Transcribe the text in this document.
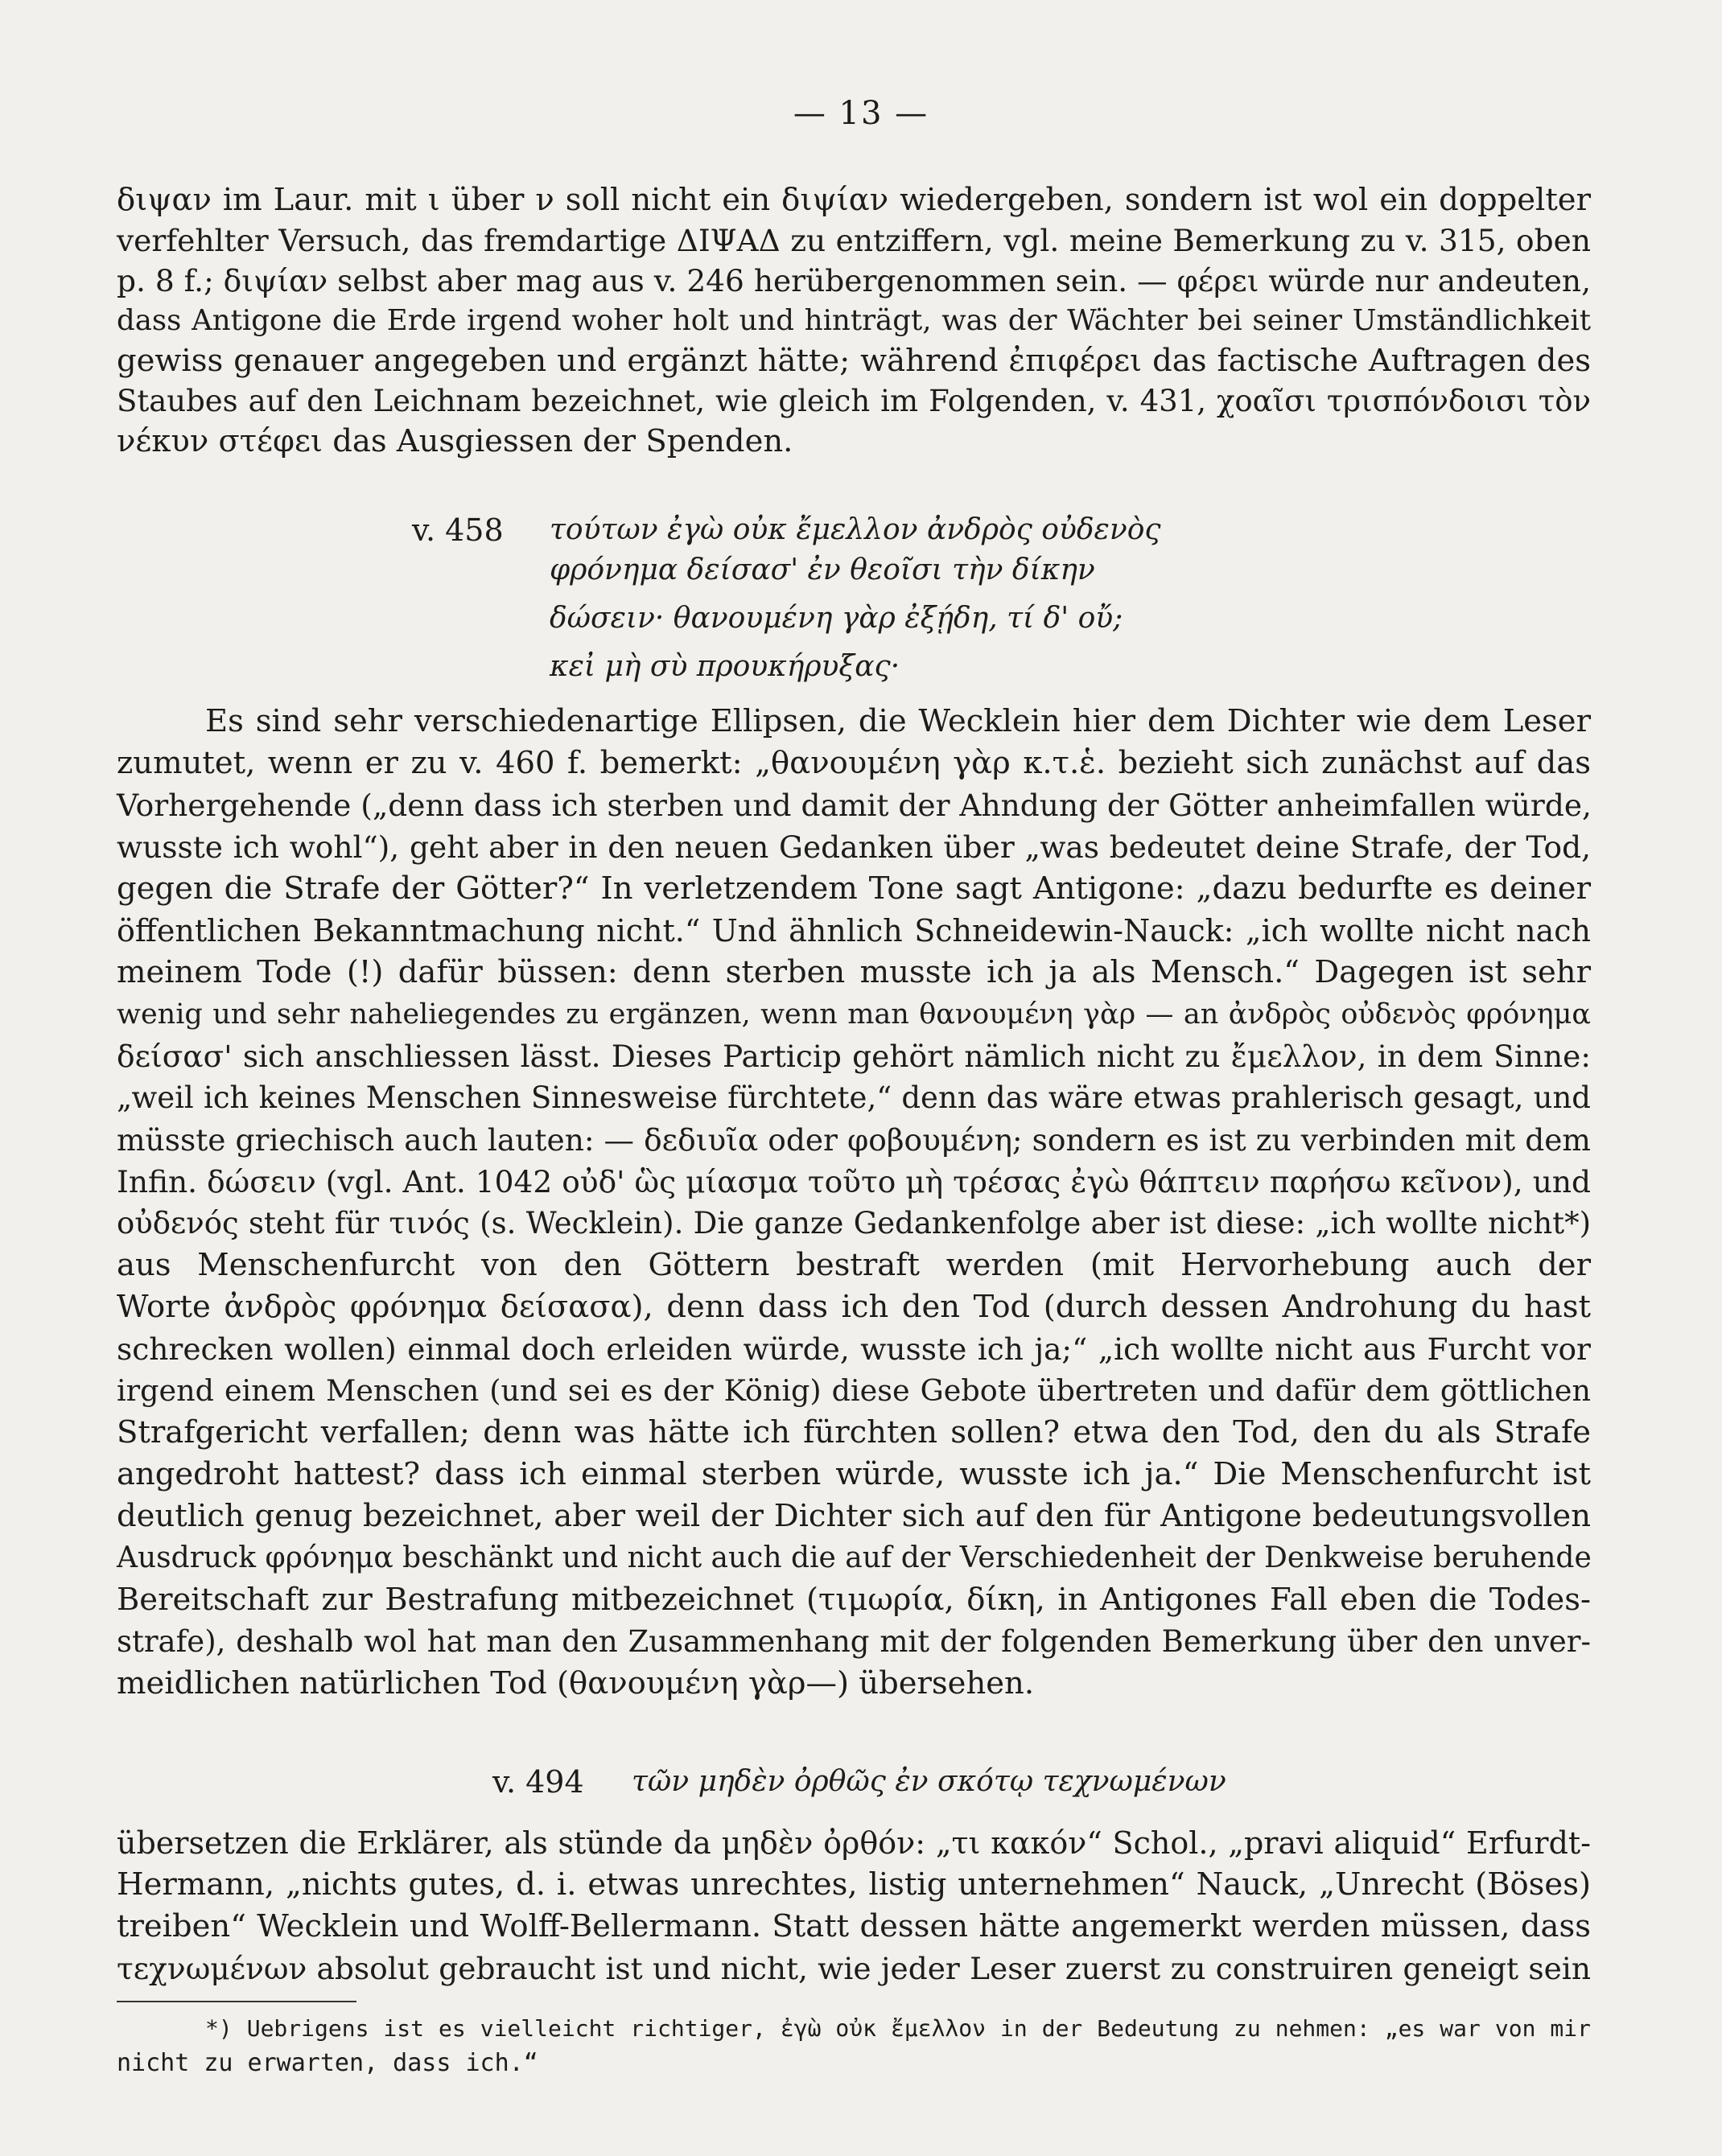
— 13 —
διψαν im Laur. mit ι über ν soll nicht ein διψίαν wiedergeben, sondern ist wol ein doppelter
verfehlter Versuch, das fremdartige ΔΙΨΑΔ zu entziffern, vgl. meine Bemerkung zu v. 315, oben
p. 8 f.; διψίαν selbst aber mag aus v. 246 herübergenommen sein. — φέρει würde nur andeuten,
dass Antigone die Erde irgend woher holt und hinträgt, was der Wächter bei seiner Umständlichkeit
gewiss genauer angegeben und ergänzt hätte; während ἐπιφέρει das factische Auftragen des
Staubes auf den Leichnam bezeichnet, wie gleich im Folgenden, v. 431, χοαῖσι τρισπόνδοισι τὸν
νέκυν στέφει das Ausgiessen der Spenden.
v. 458 τούτων ἐγὼ οὐκ ἔμελλον ἀνδρὸς οὐδενὸς
φρόνημα δείσασ' ἐν θεοῖσι τὴν δίκην
δώσειν· θανουμένη γὰρ ἐξῄδη, τί δ' οὔ;
κεἰ μὴ σὺ προυκήρυξας·
Es sind sehr verschiedenartige Ellipsen, die Wecklein hier dem Dichter wie dem Leser
zumutet, wenn er zu v. 460 f. bemerkt: „θανουμένη γὰρ κ.τ.ἑ. bezieht sich zunächst auf das
Vorhergehende („denn dass ich sterben und damit der Ahndung der Götter anheimfallen würde,
wusste ich wohl“), geht aber in den neuen Gedanken über „was bedeutet deine Strafe, der Tod,
gegen die Strafe der Götter?“ In verletzendem Tone sagt Antigone: „dazu bedurfte es deiner
öffentlichen Bekanntmachung nicht.“ Und ähnlich Schneidewin-Nauck: „ich wollte nicht nach
meinem Tode (!) dafür büssen: denn sterben musste ich ja als Mensch.“ Dagegen ist sehr
wenig und sehr naheliegendes zu ergänzen, wenn man θανουμένη γὰρ — an ἀνδρὸς οὐδενὸς φρόνημα
δείσασ' sich anschliessen lässt. Dieses Particip gehört nämlich nicht zu ἔμελλον, in dem Sinne:
„weil ich keines Menschen Sinnesweise fürchtete,“ denn das wäre etwas prahlerisch gesagt, und
müsste griechisch auch lauten: — δεδιυῖα oder φοβουμένη; sondern es ist zu verbinden mit dem
Infin. δώσειν (vgl. Ant. 1042 οὐδ' ὣς μίασμα τοῦτο μὴ τρέσας ἐγὼ θάπτειν παρήσω κεῖνον), und
οὐδενός steht für τινός (s. Wecklein). Die ganze Gedankenfolge aber ist diese: „ich wollte nicht*)
aus Menschenfurcht von den Göttern bestraft werden (mit Hervorhebung auch der
Worte ἀνδρὸς φρόνημα δείσασα), denn dass ich den Tod (durch dessen Androhung du hast
schrecken wollen) einmal doch erleiden würde, wusste ich ja;“ „ich wollte nicht aus Furcht vor
irgend einem Menschen (und sei es der König) diese Gebote übertreten und dafür dem göttlichen
Strafgericht verfallen; denn was hätte ich fürchten sollen? etwa den Tod, den du als Strafe
angedroht hattest? dass ich einmal sterben würde, wusste ich ja.“ Die Menschenfurcht ist
deutlich genug bezeichnet, aber weil der Dichter sich auf den für Antigone bedeutungsvollen
Ausdruck φρόνημα beschänkt und nicht auch die auf der Verschiedenheit der Denkweise beruhende
Bereitschaft zur Bestrafung mitbezeichnet (τιμωρία, δίκη, in Antigones Fall eben die Todes-
strafe), deshalb wol hat man den Zusammenhang mit der folgenden Bemerkung über den unver-
meidlichen natürlichen Tod (θανουμένη γὰρ—) übersehen.
v. 494 τῶν μηδὲν ὀρθῶς ἐν σκότῳ τεχνωμένων
übersetzen die Erklärer, als stünde da μηδὲν ὀρθόν: „τι κακόν“ Schol., „pravi aliquid“ Erfurdt-
Hermann, „nichts gutes, d. i. etwas unrechtes, listig unternehmen“ Nauck, „Unrecht (Böses)
treiben“ Wecklein und Wolff-Bellermann. Statt dessen hätte angemerkt werden müssen, dass
τεχνωμένων absolut gebraucht ist und nicht, wie jeder Leser zuerst zu construiren geneigt sein
*) Uebrigens ist es vielleicht richtiger, ἐγὼ οὐκ ἔμελλον in der Bedeutung zu nehmen: „es war von mir
nicht zu erwarten, dass ich.“
